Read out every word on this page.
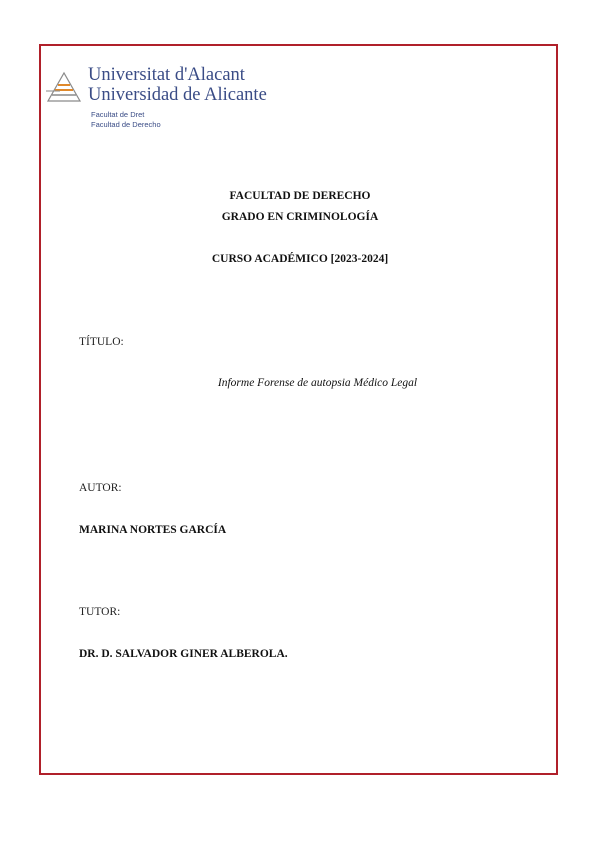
Universitat d'Alacant
Universidad de Alicante
Facultat de Dret
Facultad de Derecho
FACULTAD DE DERECHO
GRADO EN CRIMINOLOGÍA
CURSO ACADÉMICO [2023-2024]
TÍTULO:
Informe Forense de autopsia Médico Legal
AUTOR:
MARINA NORTES GARCÍA
TUTOR:
DR. D. SALVADOR GINER ALBEROLA.
